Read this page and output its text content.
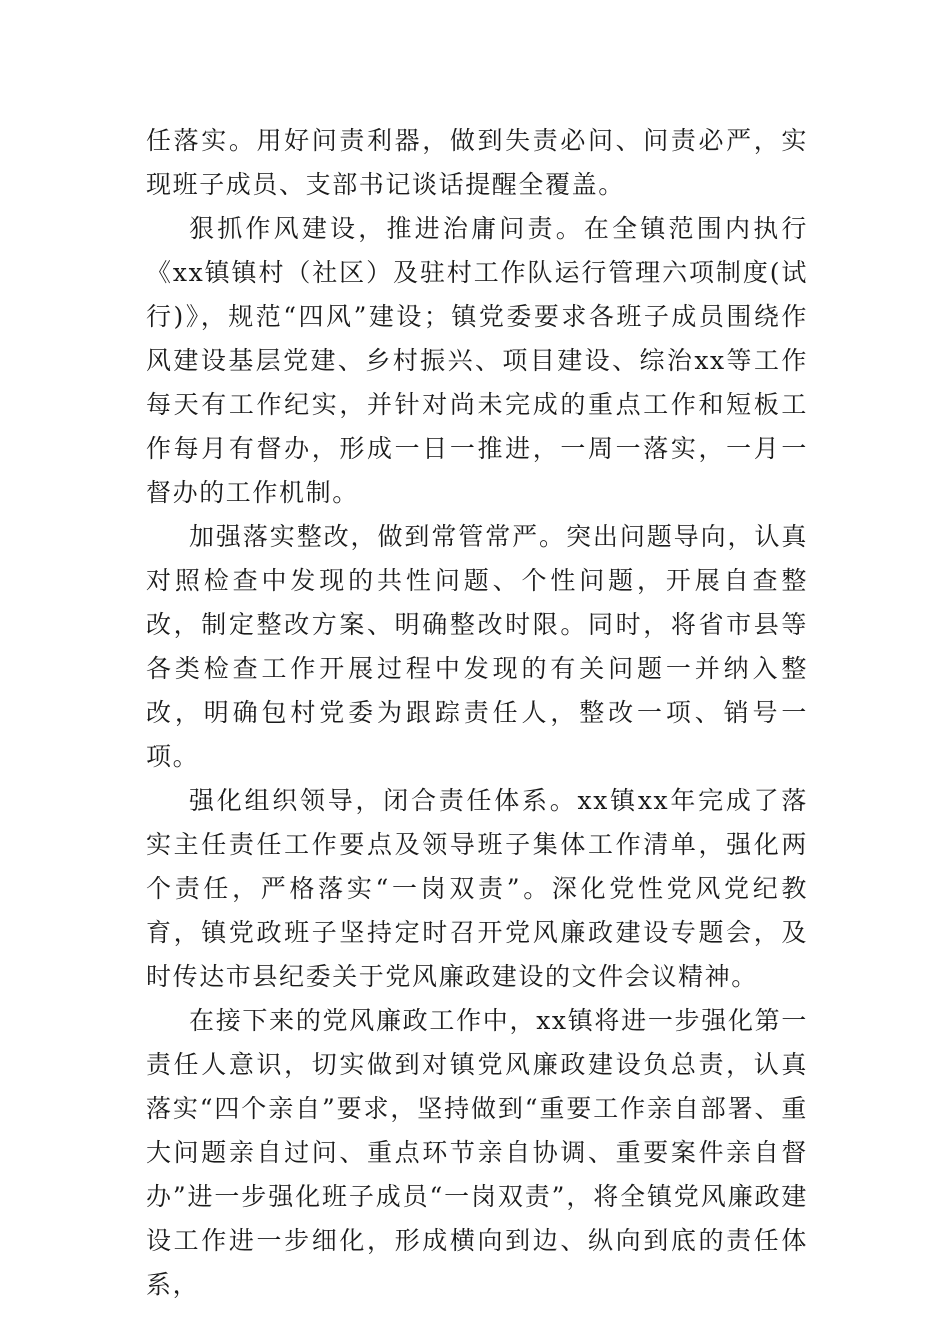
任落实。用好问责利器，做到失责必问、问责必严，实现班子成员、支部书记谈话提醒全覆盖。

狠抓作风建设，推进治庸问责。在全镇范围内执行《xx镇镇村（社区）及驻村工作队运行管理六项制度(试行)》，规范“四风”建设；镇党委要求各班子成员围绕作风建设基层党建、乡村振兴、项目建设、综治xx等工作每天有工作纪实，并针对尚未完成的重点工作和短板工作每月有督办，形成一日一推进，一周一落实，一月一督办的工作机制。

加强落实整改，做到常管常严。突出问题导向，认真对照检查中发现的共性问题、个性问题，开展自查整改，制定整改方案、明确整改时限。同时，将省市县等各类检查工作开展过程中发现的有关问题一并纳入整改，明确包村党委为跟踪责任人，整改一项、销号一项。

强化组织领导，闭合责任体系。xx镇xx年完成了落实主任责任工作要点及领导班子集体工作清单，强化两个责任，严格落实“一岗双责”。深化党性党风党纪教育，镇党政班子坚持定时召开党风廉政建设专题会，及时传达市县纪委关于党风廉政建设的文件会议精神。

在接下来的党风廉政工作中，xx镇将进一步强化第一责任人意识，切实做到对镇党风廉政建设负总责，认真落实“四个亲自”要求，坚持做到“重要工作亲自部署、重大问题亲自过问、重点环节亲自协调、重要案件亲自督办”进一步强化班子成员“一岗双责”，将全镇党风廉政建设工作进一步细化，形成横向到边、纵向到底的责任体系，
